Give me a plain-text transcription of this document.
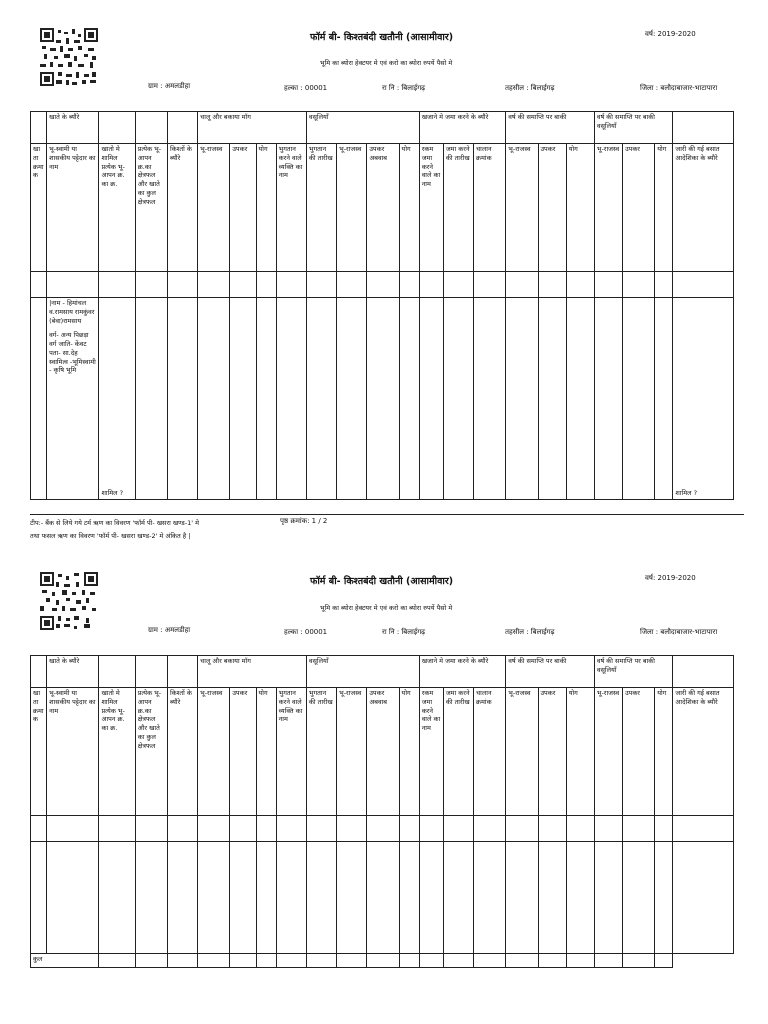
फॉर्म बी- किश्तबंदी खतौनी (आसामीवार)	वर्ष: 2019-2020
भूमि का ब्योरा हेक्टयर मे एवं करो का ब्योरा रुपयें पैसो मे
ग्राम : अमलडीहा	हल्का : 00001	रा नि : बिलाईगढ़	तहसील : बिलाईगढ़	जिला : बलौदाबाजार-भाटापारा
	खाते के ब्यौरे				चालू और बकाया मॉग				वसूलियाँ				खजाने मे जमा करने के ब्यौरे			वर्ष की समाप्ति पर बाकी			वर्ष की समाप्ति पर बाकी वसूलियाँ			
खाता क्रमा क	भू-स्वामी या शासकीय पट्टेदार का नाम	खातो मे शामिल प्रत्येक भू-आपन क्र. का क्र.	प्रत्येक भू-आपन क्र.का क्षेत्रफल और खाते का कुल क्षेत्रफल	किश्तों के ब्यौरे	भू-राजस्व	उपकर	योग	भुगतान करने वाले व्यक्ति का नाम	भुगतान की तारीख	भू-राजस्व	उपकर अबवाब	योग	रकम जमा करने वाले का नाम	जमा करने की तारीख	चालान क्रमांक	भू-राजस्व	उपकर	योग	भू-राजस्व	उपकर	योग	जारी की गई बसात आदेशिका के ब्यौरे

	|नाम - हिमांचल व.रामसाय रामकुंवर (बेवा)रामसाय
वर्ग- अन्य पिछड़ा वर्ग जाति- केंवट पता- सा.देह स्वामित्व -भूमिस्वामी - कृषि भूमि	शामिल ?																				शामिल ?
टीप:- बैंक से लिये गये टर्म ऋण का विवरण 'फॉर्म पी- खसरा खण्ड-1' मे
तथा फसल ऋण का विवरण 'फॉर्म पी- खसरा खण्ड-2' मे अंकित है |
पृष्ठ क्रमांक: 1 / 2
फॉर्म बी- किश्तबंदी खतौनी (आसामीवार)	वर्ष: 2019-2020
भूमि का ब्योरा हेक्टयर मे एवं करो का ब्योरा रुपयें पैसो मे
ग्राम : अमलडीहा	हल्का : 00001	रा नि : बिलाईगढ़	तहसील : बिलाईगढ़	जिला : बलौदाबाजार-भाटापारा
	खाते के ब्यौरे				चालू और बकाया मॉग				वसूलियाँ				खजाने मे जमा करने के ब्यौरे			वर्ष की समाप्ति पर बाकी			वर्ष की समाप्ति पर बाकी वसूलियाँ			
खाता क्रमा क	भू-स्वामी या शासकीय पट्टेदार का नाम	खातो मे शामिल प्रत्येक भू-आपन क्र. का क्र.	प्रत्येक भू-आपन क्र.का क्षेत्रफल और खाते का कुल क्षेत्रफल	किश्तों के ब्यौरे	भू-राजस्व	उपकर	योग	भुगतान करने वाले व्यक्ति का नाम	भुगतान की तारीख	भू-राजस्व	उपकर अबवाब	योग	रकम जमा करने वाले का नाम	जमा करने की तारीख	चालान क्रमांक	भू-राजस्व	उपकर	योग	भू-राजस्व	उपकर	योग	जारी की गई बसात आदेशिका के ब्यौरे

कुल																						
